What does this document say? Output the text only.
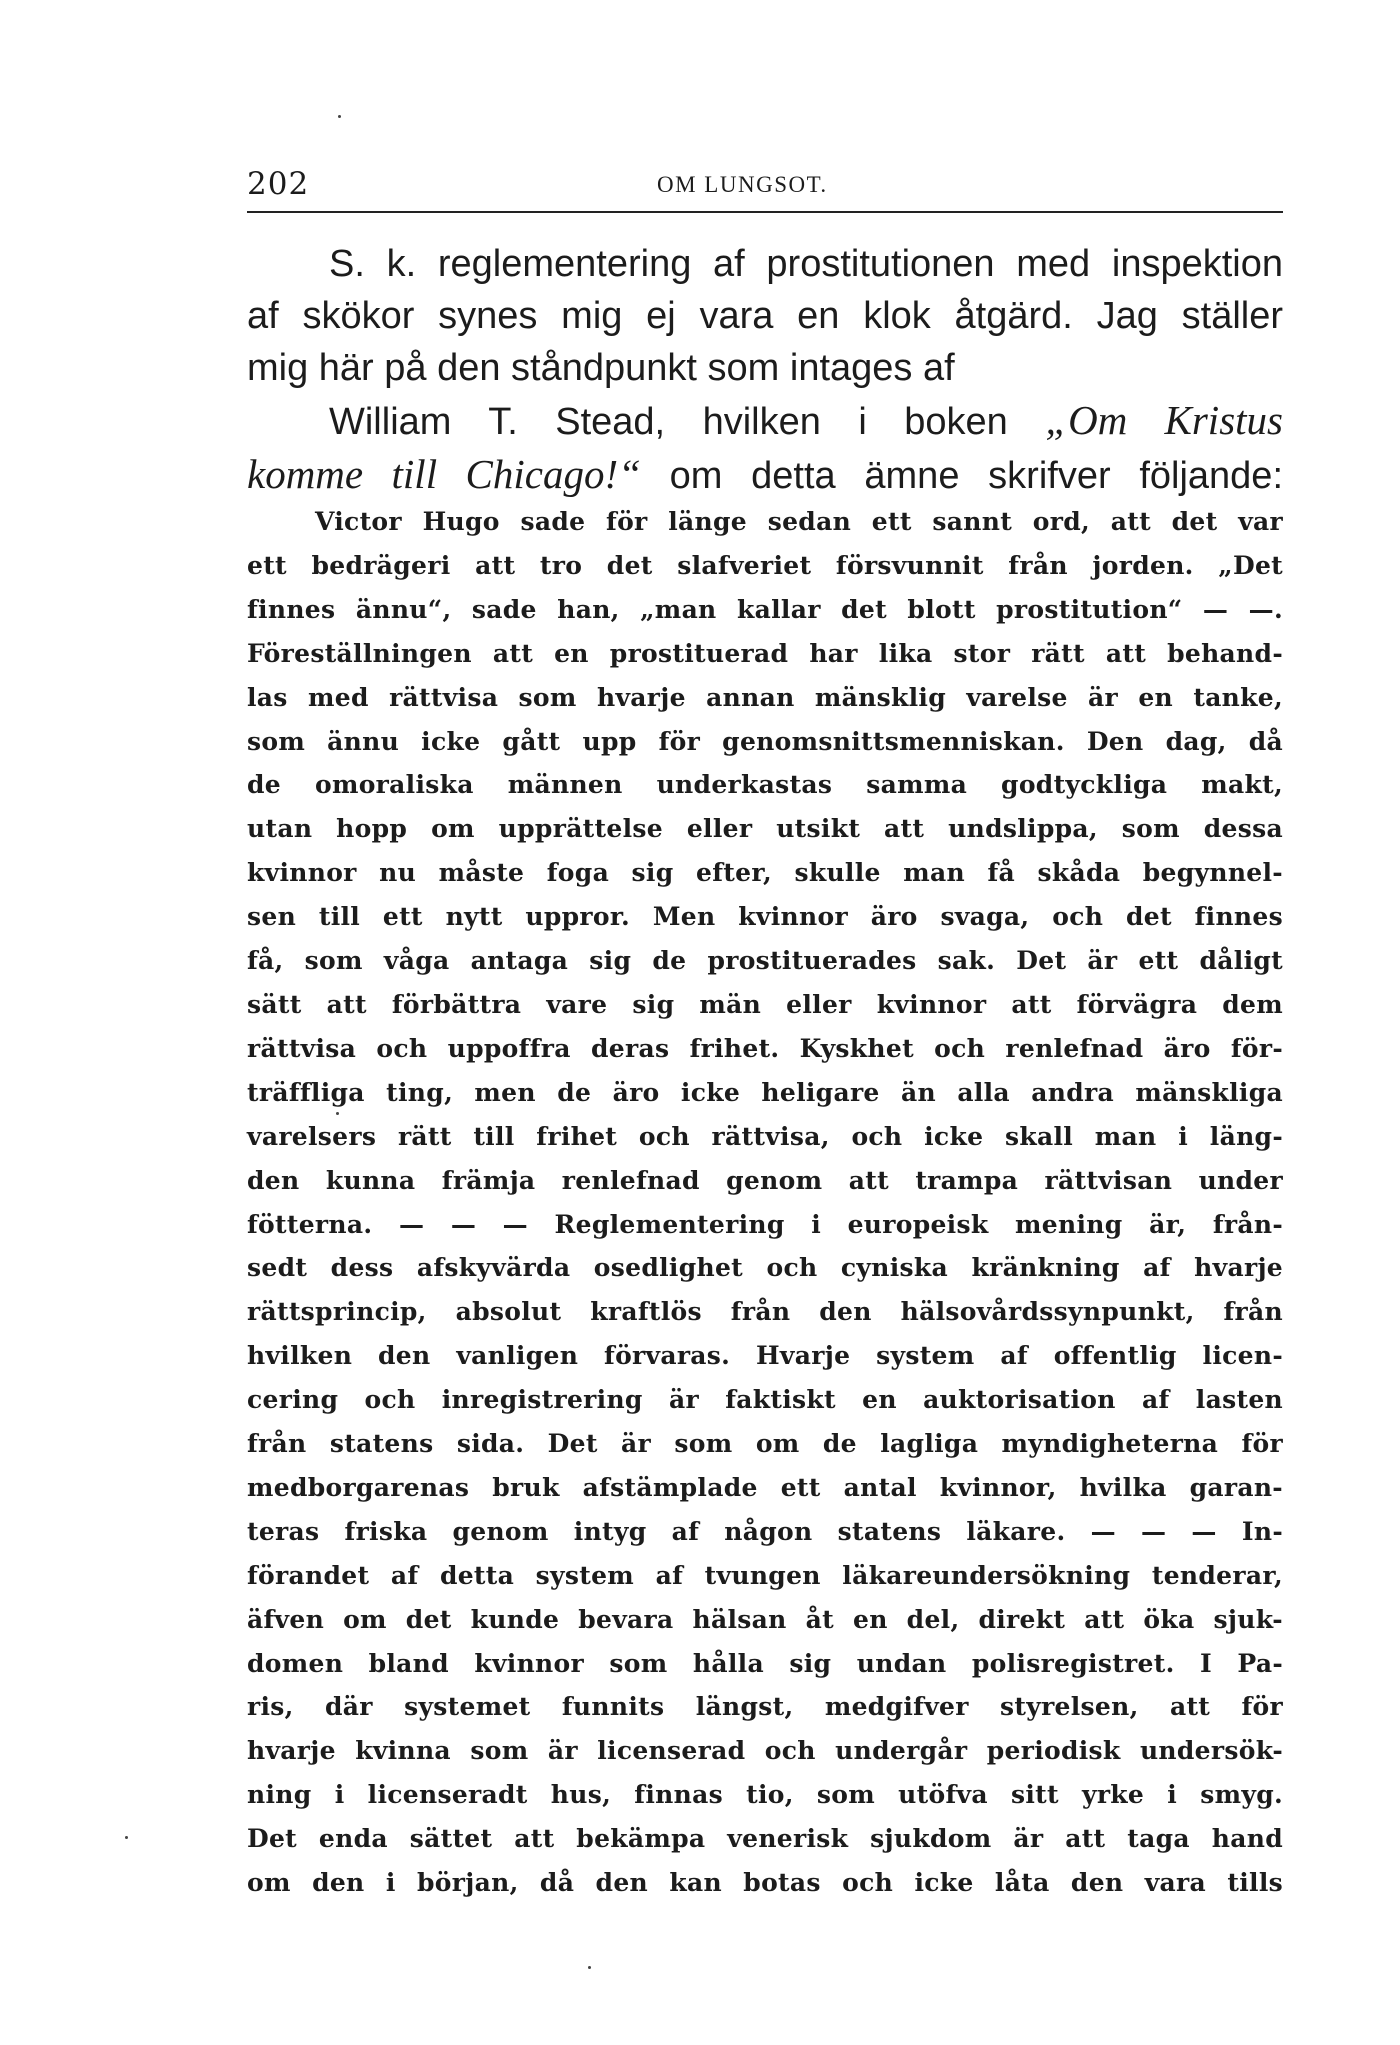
202	OM LUNGSOT.
S. k. reglementering af prostitutionen med inspektion
af skökor synes mig ej vara en klok åtgärd. Jag ställer
mig här på den ståndpunkt som intages af
William T. Stead, hvilken i boken „Om Kristus
komme till Chicago!“ om detta ämne skrifver följande:
Victor Hugo sade för länge sedan ett sannt ord, att det var
ett bedrägeri att tro det slafveriet försvunnit från jorden. „Det
finnes ännu“, sade han, „man kallar det blott prostitution“ — —.
Föreställningen att en prostituerad har lika stor rätt att behand-
las med rättvisa som hvarje annan mänsklig varelse är en tanke,
som ännu icke gått upp för genomsnittsmenniskan. Den dag, då
de omoraliska männen underkastas samma godtyckliga makt,
utan hopp om upprättelse eller utsikt att undslippa, som dessa
kvinnor nu måste foga sig efter, skulle man få skåda begynnel-
sen till ett nytt uppror. Men kvinnor äro svaga, och det finnes
få, som våga antaga sig de prostituerades sak. Det är ett dåligt
sätt att förbättra vare sig män eller kvinnor att förvägra dem
rättvisa och uppoffra deras frihet. Kyskhet och renlefnad äro för-
träffliga ting, men de äro icke heligare än alla andra mänskliga
varelsers rätt till frihet och rättvisa, och icke skall man i läng-
den kunna främja renlefnad genom att trampa rättvisan under
fötterna. — — — Reglementering i europeisk mening är, från-
sedt dess afskyvärda osedlighet och cyniska kränkning af hvarje
rättsprincip, absolut kraftlös från den hälsovårdssynpunkt, från
hvilken den vanligen förvaras. Hvarje system af offentlig licen-
cering och inregistrering är faktiskt en auktorisation af lasten
från statens sida. Det är som om de lagliga myndigheterna för
medborgarenas bruk afstämplade ett antal kvinnor, hvilka garan-
teras friska genom intyg af någon statens läkare. — — — In-
förandet af detta system af tvungen läkareundersökning tenderar,
äfven om det kunde bevara hälsan åt en del, direkt att öka sjuk-
domen bland kvinnor som hålla sig undan polisregistret. I Pa-
ris, där systemet funnits längst, medgifver styrelsen, att för
hvarje kvinna som är licenserad och undergår periodisk undersök-
ning i licenseradt hus, finnas tio, som utöfva sitt yrke i smyg.
Det enda sättet att bekämpa venerisk sjukdom är att taga hand
om den i början, då den kan botas och icke låta den vara tills
